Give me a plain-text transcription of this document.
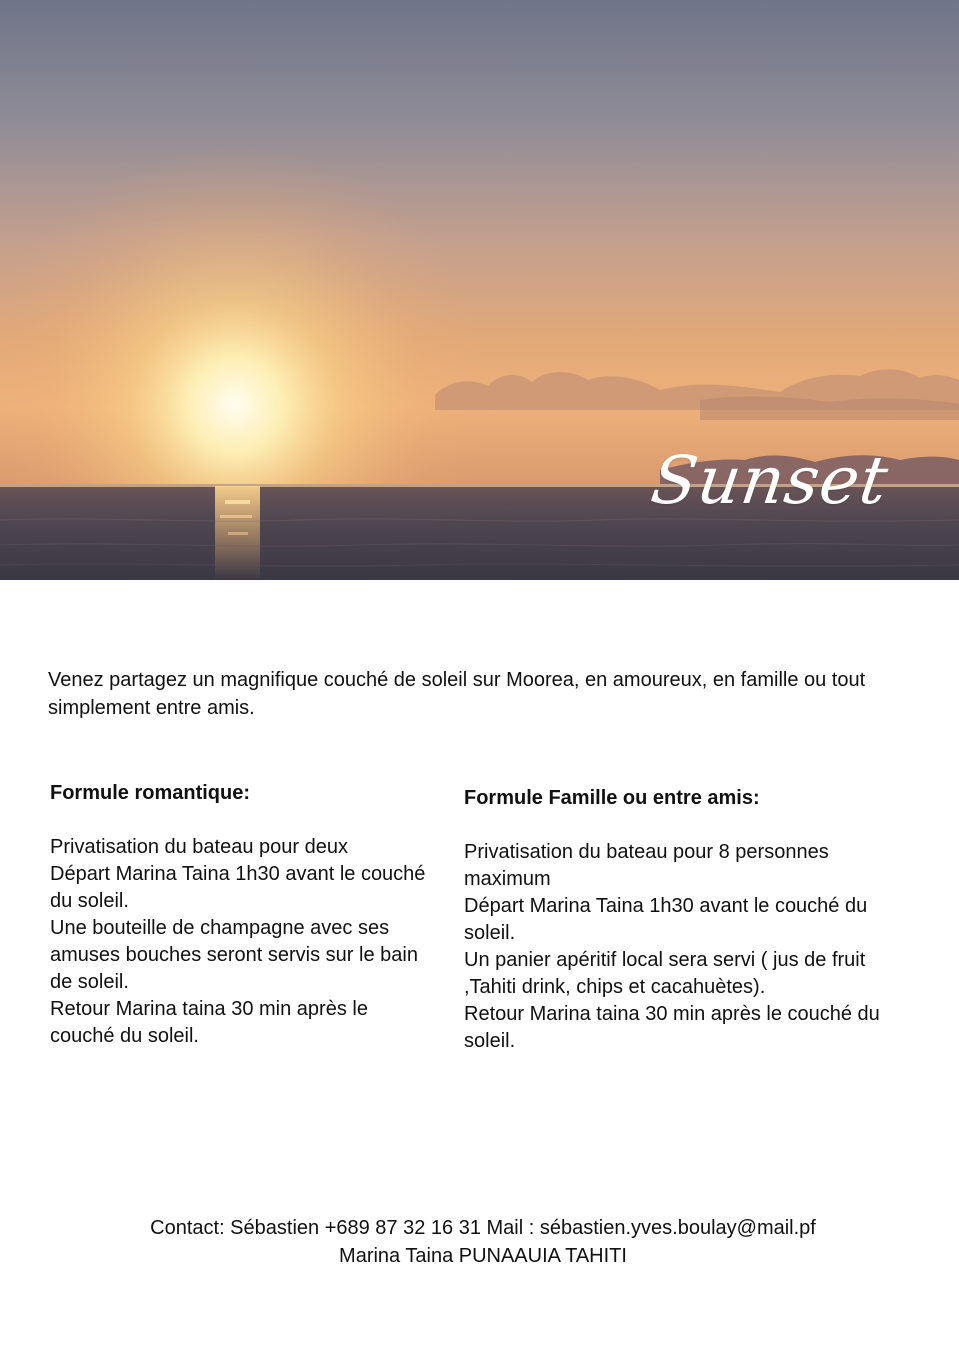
Sunset
Venez partagez un magnifique couché de soleil sur Moorea, en amoureux, en famille ou tout simplement entre amis.
Formule romantique:
Privatisation du bateau pour deux
Départ Marina Taina 1h30 avant le couché du soleil.
Une bouteille de champagne avec ses amuses bouches seront servis sur le bain de soleil.
Retour Marina taina 30 min après le couché du soleil.
Formule Famille ou entre amis:
Privatisation du bateau pour 8 personnes maximum
Départ Marina Taina 1h30 avant le couché du soleil.
Un panier apéritif local sera servi ( jus de fruit ,Tahiti drink, chips et cacahuètes).
Retour Marina taina 30 min après le couché du soleil.
Contact: Sébastien +689 87 32 16 31 Mail : sébastien.yves.boulay@mail.pf
Marina Taina PUNAAUIA TAHITI
